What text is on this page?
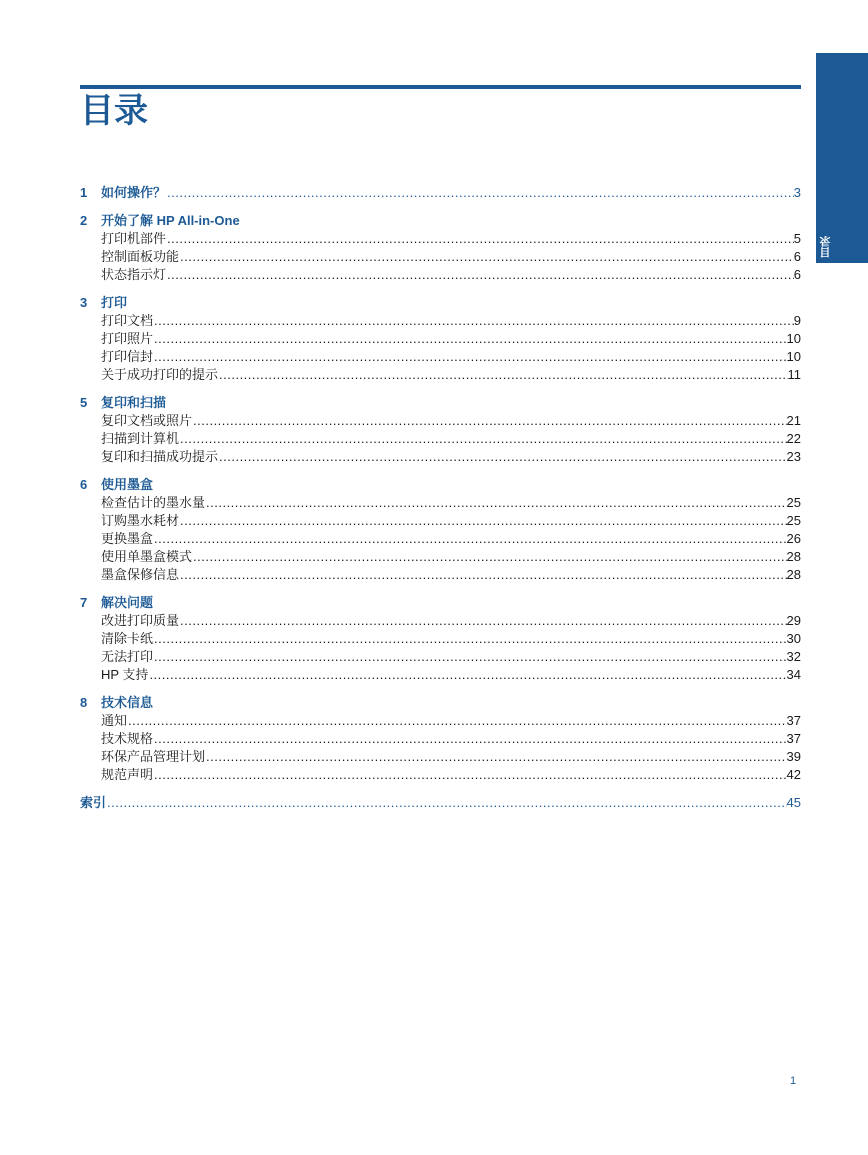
目录
目录
1	如何操作？ .....	3
2	开始了解 HP All-in-One
打印机部件 .....	5
控制面板功能 .....	6
状态指示灯 .....	6
3	打印
打印文档 .....	9
打印照片 .....	10
打印信封 .....	10
关于成功打印的提示 .....	11
5	复印和扫描
复印文档或照片 .....	21
扫描到计算机 .....	22
复印和扫描成功提示 .....	23
6	使用墨盒
检查估计的墨水量 .....	25
订购墨水耗材 .....	25
更换墨盒 .....	26
使用单墨盒模式 .....	28
墨盒保修信息 .....	28
7	解决问题
改进打印质量 .....	29
清除卡纸 .....	30
无法打印 .....	32
HP 支持 .....	34
8	技术信息
通知 .....	37
技术规格 .....	37
环保产品管理计划 .....	39
规范声明 .....	42
索引 .....	45
1
